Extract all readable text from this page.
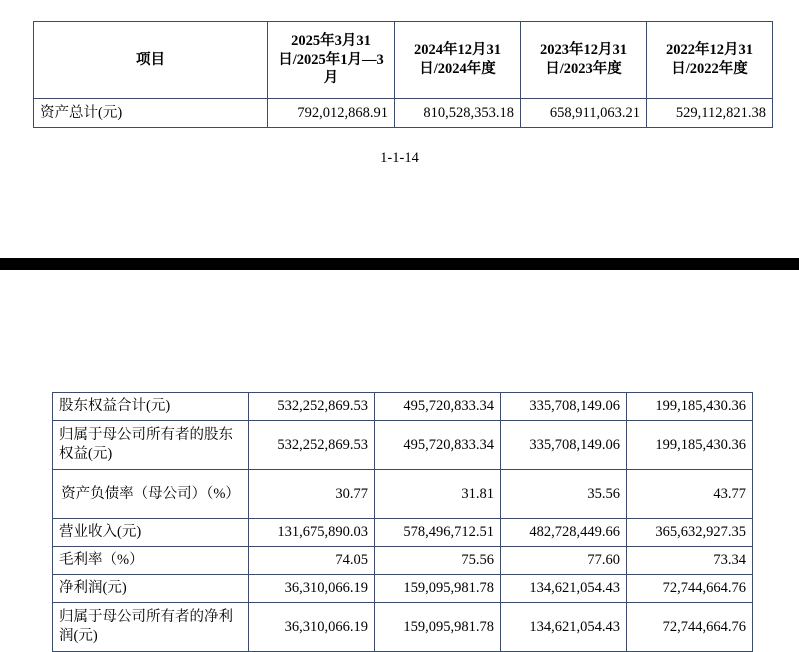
项目	2025年3月31日/2025年1月—3月	2024年12月31日/2024年度	2023年12月31日/2023年度	2022年12月31日/2022年度
资产总计(元)	792,012,868.91	810,528,353.18	658,911,063.21	529,112,821.38
1-1-14
股东权益合计(元)	532,252,869.53	495,720,833.34	335,708,149.06	199,185,430.36
归属于母公司所有者的股东权益(元)	532,252,869.53	495,720,833.34	335,708,149.06	199,185,430.36
资产负债率（母公司）（%）	30.77	31.81	35.56	43.77
营业收入(元)	131,675,890.03	578,496,712.51	482,728,449.66	365,632,927.35
毛利率（%）	74.05	75.56	77.60	73.34
净利润(元)	36,310,066.19	159,095,981.78	134,621,054.43	72,744,664.76
归属于母公司所有者的净利润(元)	36,310,066.19	159,095,981.78	134,621,054.43	72,744,664.76
